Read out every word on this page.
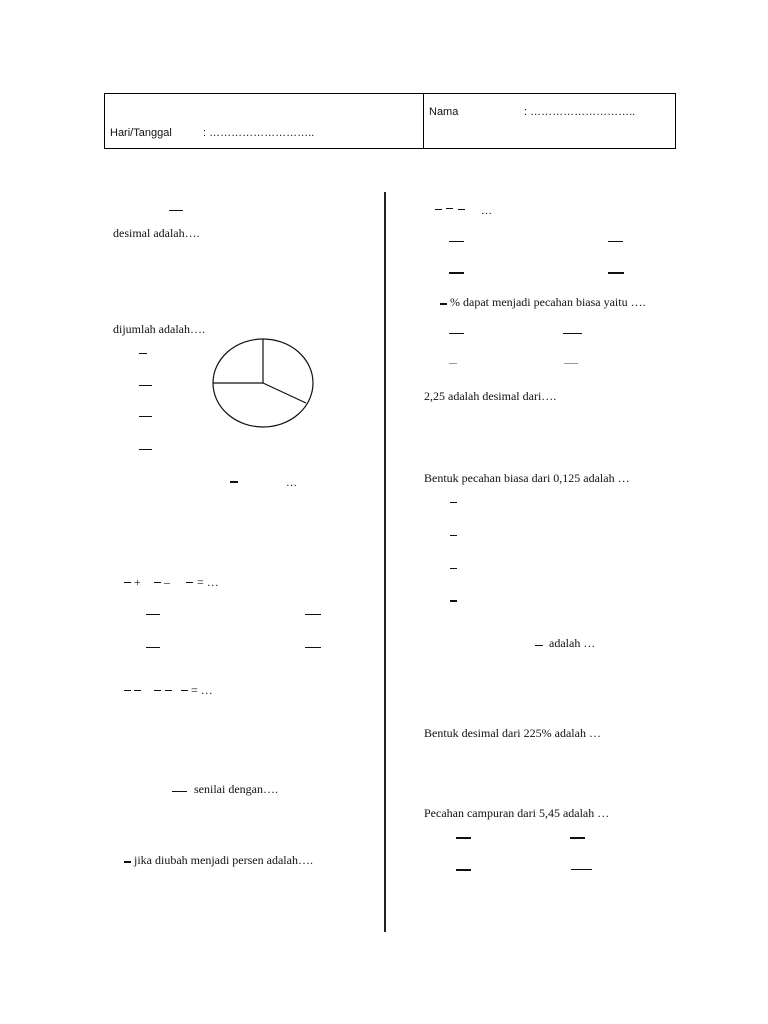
Nama	: ………………………..
Hari/Tanggal	: ………………………..
desimal adalah….
dijumlah adalah….
…
+ – = …
= …
senilai dengan….
jika diubah menjadi persen adalah….
…
% dapat menjadi pecahan biasa yaitu ….
2,25 adalah desimal dari….
Bentuk pecahan biasa dari 0,125 adalah …
adalah …
Bentuk desimal dari 225% adalah …
Pecahan campuran dari 5,45 adalah …
